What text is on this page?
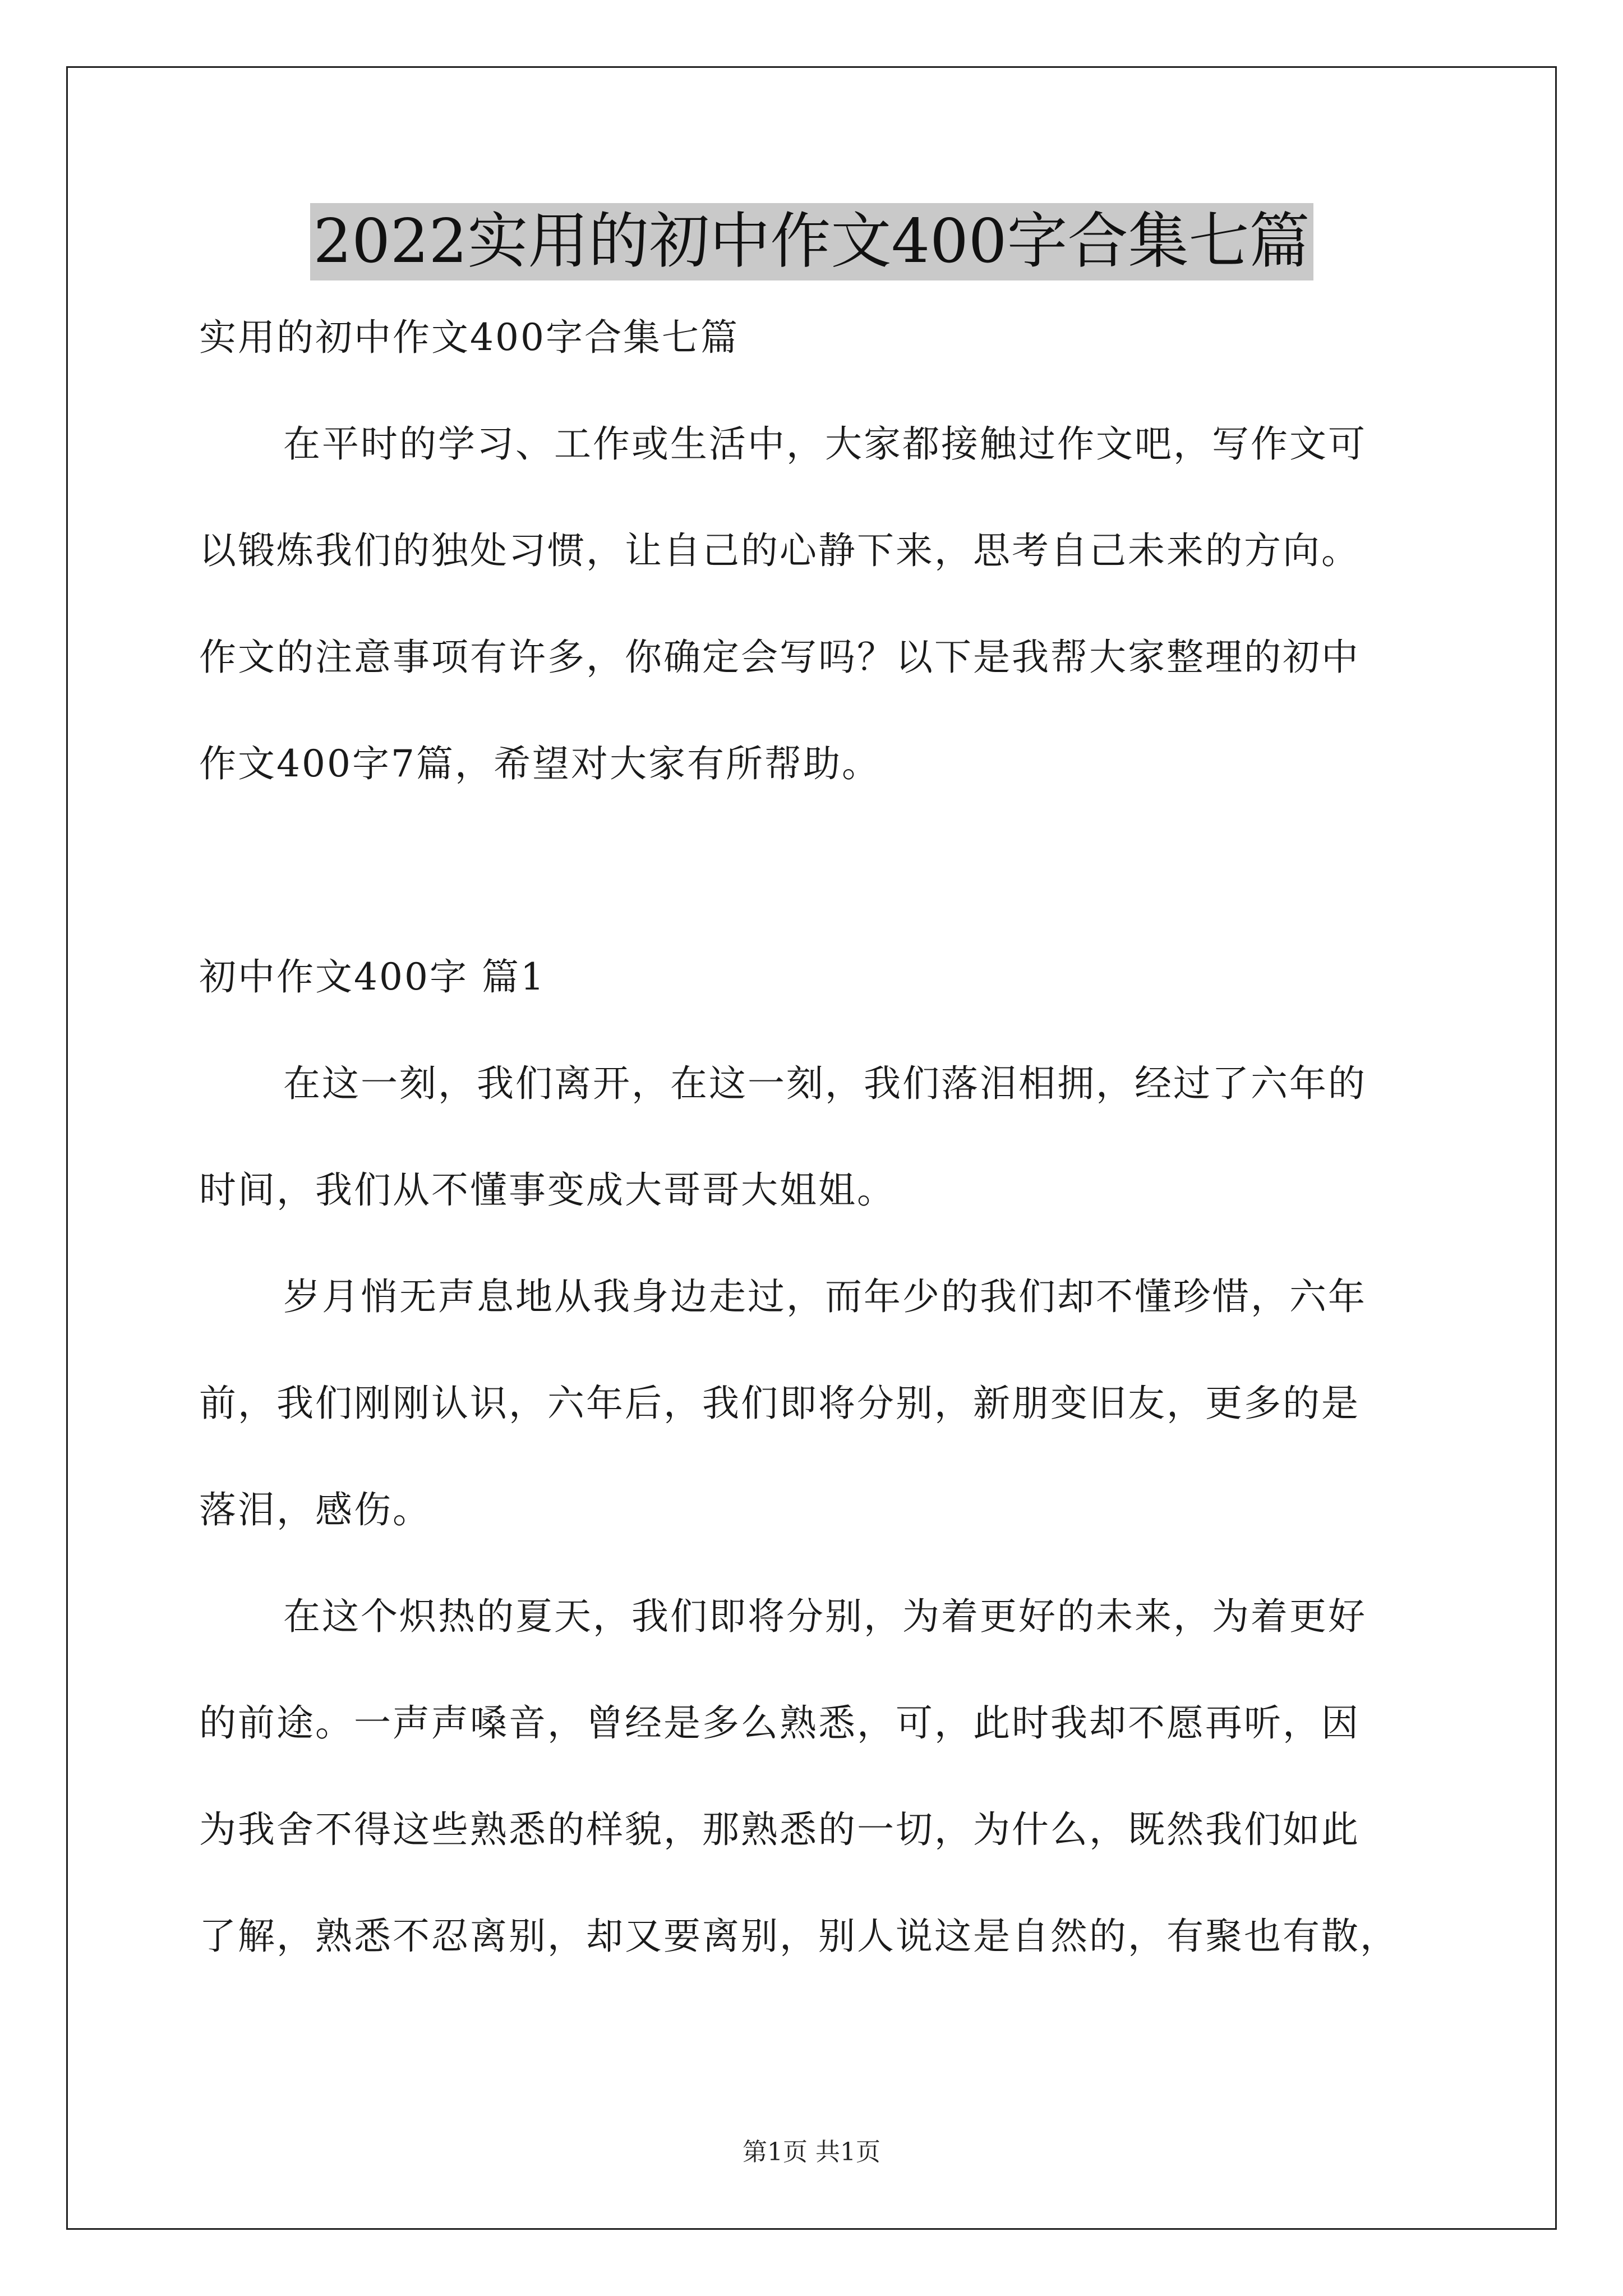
2022实用的初中作文400字合集七篇
实用的初中作文400字合集七篇
在平时的学习、工作或生活中，大家都接触过作文吧，写作文可
以锻炼我们的独处习惯，让自己的心静下来，思考自己未来的方向。
作文的注意事项有许多，你确定会写吗？以下是我帮大家整理的初中
作文400字7篇，希望对大家有所帮助。
初中作文400字 篇1
在这一刻，我们离开，在这一刻，我们落泪相拥，经过了六年的
时间，我们从不懂事变成大哥哥大姐姐。
岁月悄无声息地从我身边走过，而年少的我们却不懂珍惜，六年
前，我们刚刚认识，六年后，我们即将分别，新朋变旧友，更多的是
落泪，感伤。
在这个炽热的夏天，我们即将分别，为着更好的未来，为着更好
的前途。一声声嗓音，曾经是多么熟悉，可，此时我却不愿再听，因
为我舍不得这些熟悉的样貌，那熟悉的一切，为什么，既然我们如此
了解，熟悉不忍离别，却又要离别，别人说这是自然的，有聚也有散，
第1页 共1页
